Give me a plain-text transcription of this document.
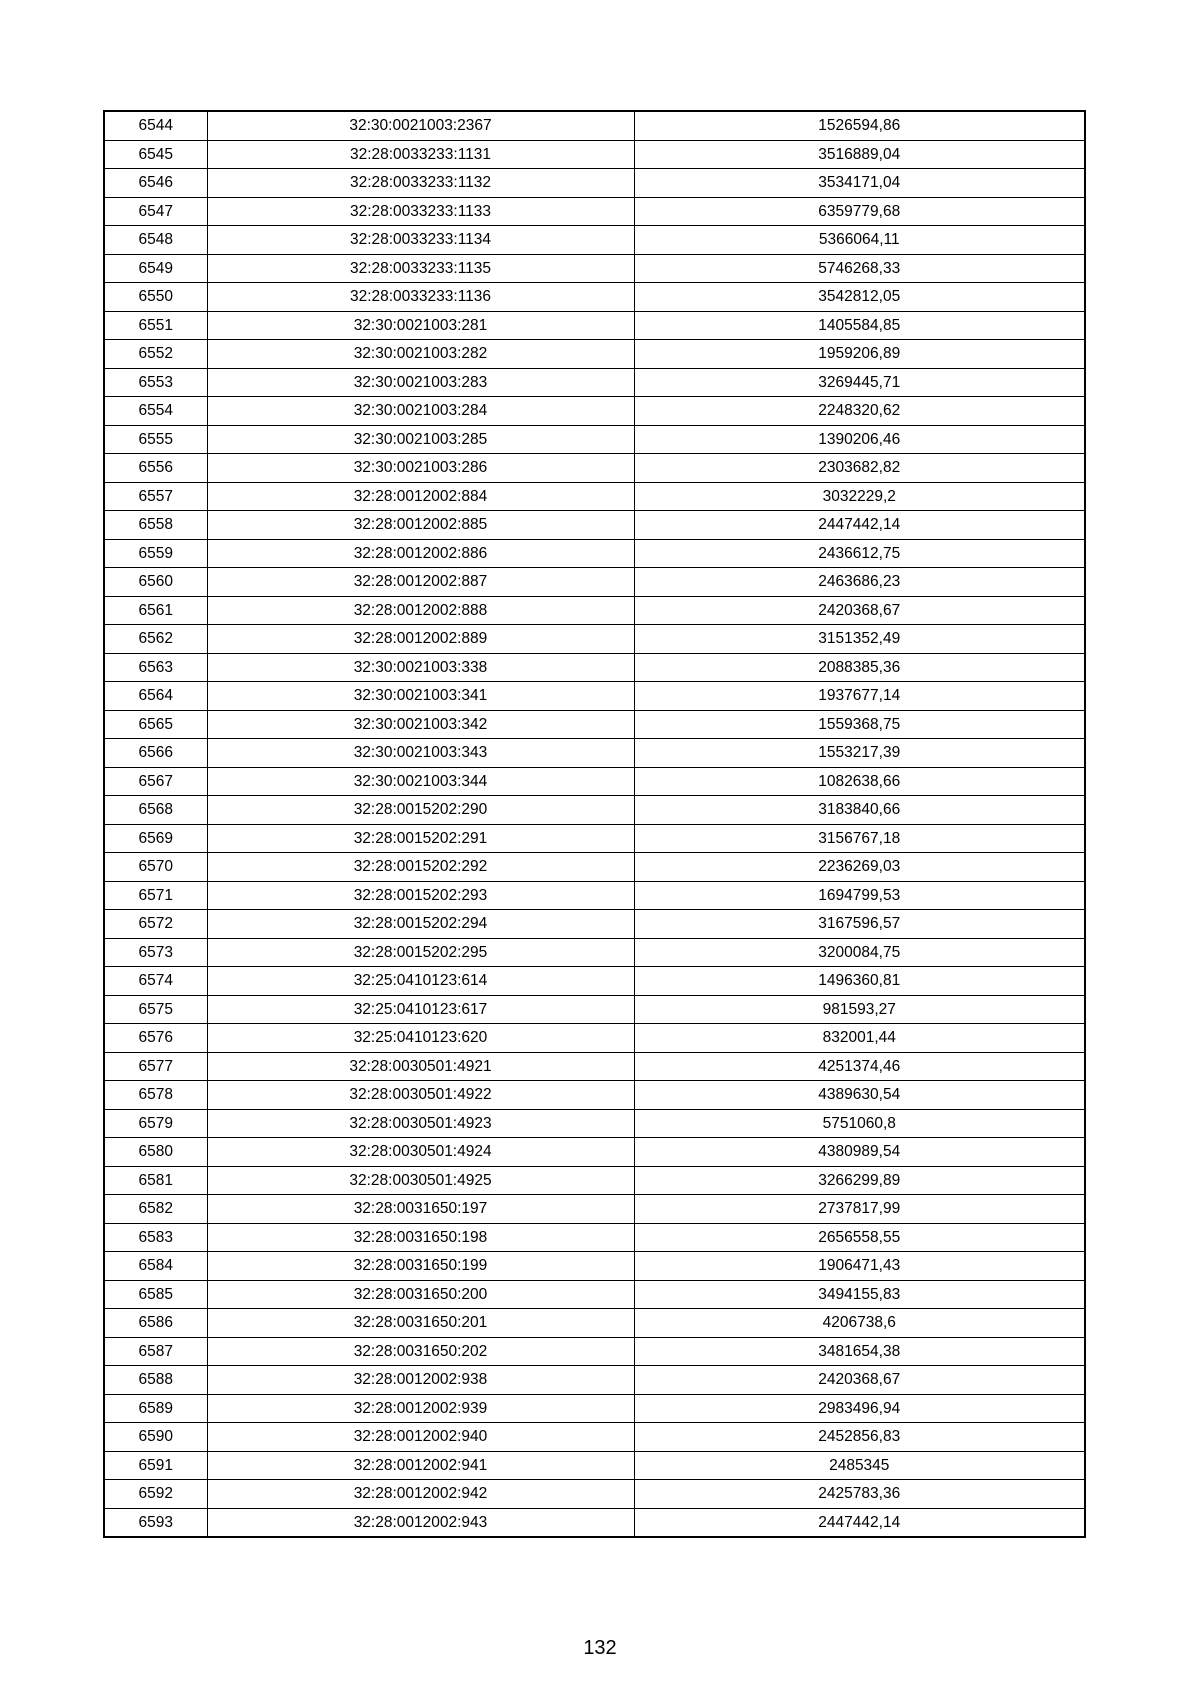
6544	32:30:0021003:2367	1526594,86
6545	32:28:0033233:1131	3516889,04
6546	32:28:0033233:1132	3534171,04
6547	32:28:0033233:1133	6359779,68
6548	32:28:0033233:1134	5366064,11
6549	32:28:0033233:1135	5746268,33
6550	32:28:0033233:1136	3542812,05
6551	32:30:0021003:281	1405584,85
6552	32:30:0021003:282	1959206,89
6553	32:30:0021003:283	3269445,71
6554	32:30:0021003:284	2248320,62
6555	32:30:0021003:285	1390206,46
6556	32:30:0021003:286	2303682,82
6557	32:28:0012002:884	3032229,2
6558	32:28:0012002:885	2447442,14
6559	32:28:0012002:886	2436612,75
6560	32:28:0012002:887	2463686,23
6561	32:28:0012002:888	2420368,67
6562	32:28:0012002:889	3151352,49
6563	32:30:0021003:338	2088385,36
6564	32:30:0021003:341	1937677,14
6565	32:30:0021003:342	1559368,75
6566	32:30:0021003:343	1553217,39
6567	32:30:0021003:344	1082638,66
6568	32:28:0015202:290	3183840,66
6569	32:28:0015202:291	3156767,18
6570	32:28:0015202:292	2236269,03
6571	32:28:0015202:293	1694799,53
6572	32:28:0015202:294	3167596,57
6573	32:28:0015202:295	3200084,75
6574	32:25:0410123:614	1496360,81
6575	32:25:0410123:617	981593,27
6576	32:25:0410123:620	832001,44
6577	32:28:0030501:4921	4251374,46
6578	32:28:0030501:4922	4389630,54
6579	32:28:0030501:4923	5751060,8
6580	32:28:0030501:4924	4380989,54
6581	32:28:0030501:4925	3266299,89
6582	32:28:0031650:197	2737817,99
6583	32:28:0031650:198	2656558,55
6584	32:28:0031650:199	1906471,43
6585	32:28:0031650:200	3494155,83
6586	32:28:0031650:201	4206738,6
6587	32:28:0031650:202	3481654,38
6588	32:28:0012002:938	2420368,67
6589	32:28:0012002:939	2983496,94
6590	32:28:0012002:940	2452856,83
6591	32:28:0012002:941	2485345
6592	32:28:0012002:942	2425783,36
6593	32:28:0012002:943	2447442,14
132
